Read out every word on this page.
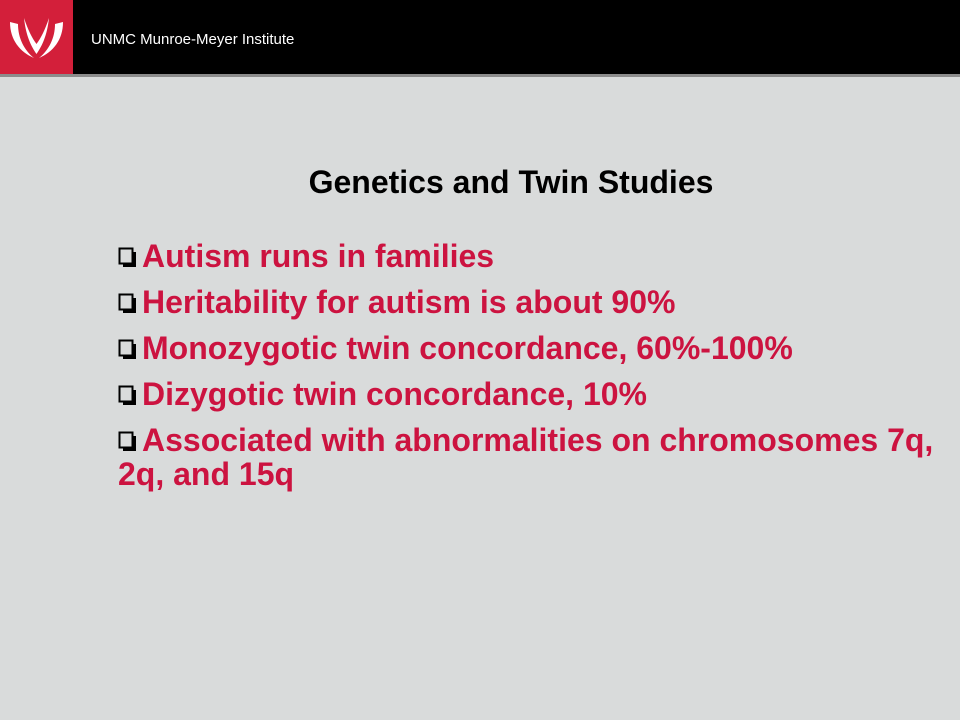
UNMC Munroe-Meyer Institute
Genetics and Twin Studies
Autism runs in families
Heritability for autism is about 90%
Monozygotic twin concordance, 60%-100%
Dizygotic twin concordance, 10%
Associated with abnormalities on chromosomes 7q, 2q, and 15q
